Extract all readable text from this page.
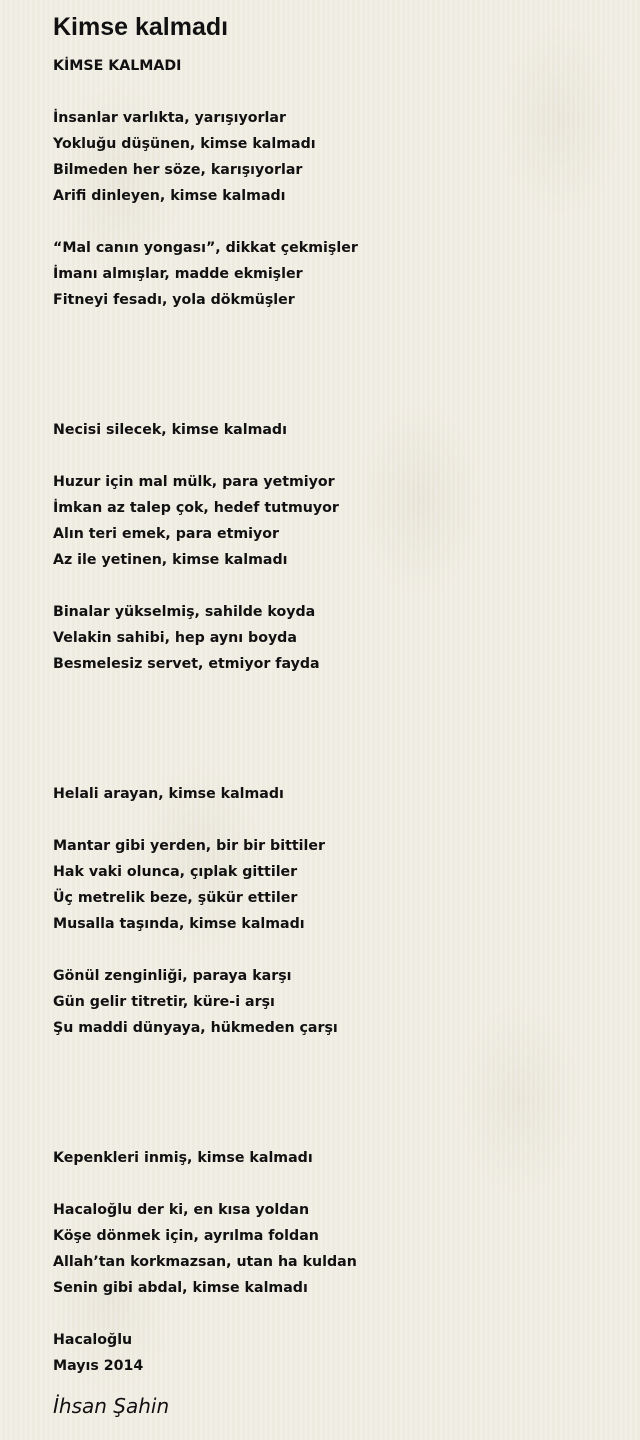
Kimse kalmadı
KİMSE KALMADI
İnsanlar varlıkta, yarışıyorlar
Yokluğu düşünen, kimse kalmadı
Bilmeden her söze, karışıyorlar
Arifi dinleyen, kimse kalmadı
“Mal canın yongası”, dikkat çekmişler
İmanı almışlar, madde ekmişler
Fitneyi fesadı, yola dökmüşler
Necisi silecek, kimse kalmadı
Huzur için mal mülk, para yetmiyor
İmkan az talep çok, hedef tutmuyor
Alın teri emek, para etmiyor
Az ile yetinen, kimse kalmadı
Binalar yükselmiş, sahilde koyda
Velakin sahibi, hep aynı boyda
Besmelesiz servet, etmiyor fayda
Helali arayan, kimse kalmadı
Mantar gibi yerden, bir bir bittiler
Hak vaki olunca, çıplak gittiler
Üç metrelik beze, şükür ettiler
Musalla taşında, kimse kalmadı
Gönül zenginliği, paraya karşı
Gün gelir titretir, küre-i arşı
Şu maddi dünyaya, hükmeden çarşı
Kepenkleri inmiş, kimse kalmadı
Hacaloğlu der ki, en kısa yoldan
Köşe dönmek için, ayrılma foldan
Allah’tan korkmazsan, utan ha kuldan
Senin gibi abdal, kimse kalmadı
Hacaloğlu
Mayıs 2014
İhsan Şahin
